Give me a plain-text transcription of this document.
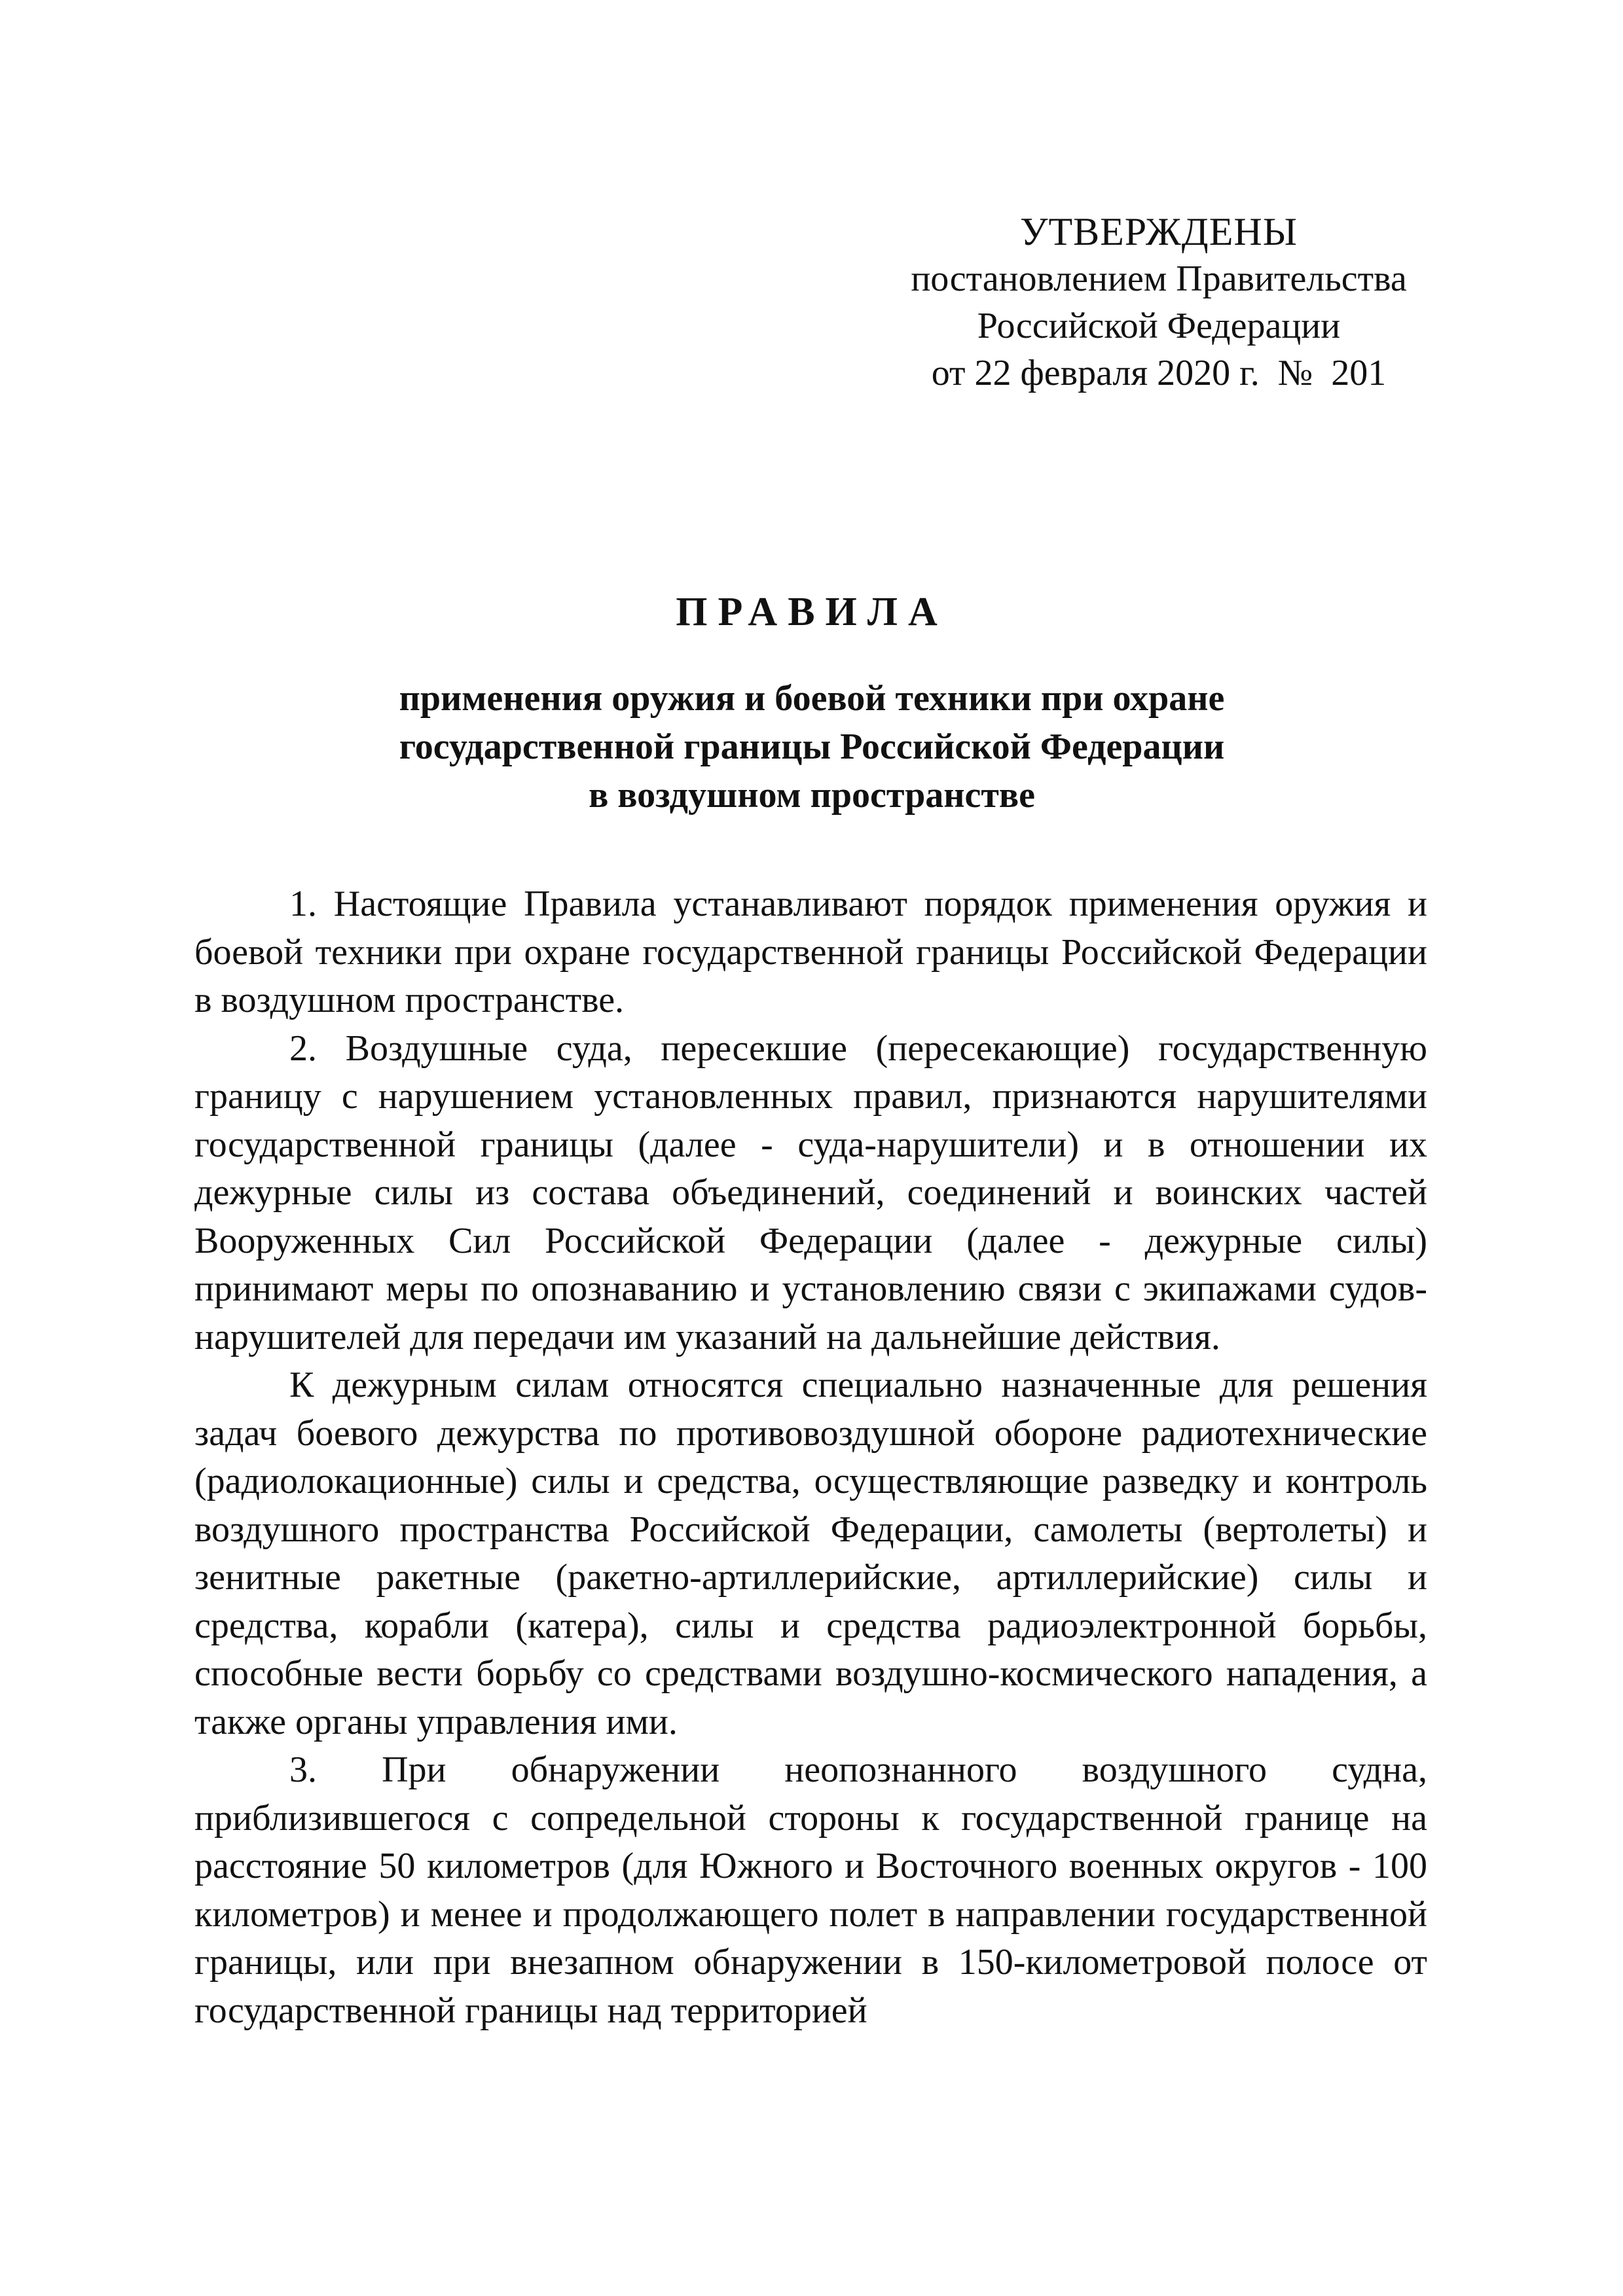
УТВЕРЖДЕНЫ
постановлением Правительства
Российской Федерации
от 22 февраля 2020 г.  №  201
ПРАВИЛА
применения оружия и боевой техники при охране
государственной границы Российской Федерации
в воздушном пространстве

1. Настоящие Правила устанавливают порядок применения оружия и боевой техники при охране государственной границы Российской Федерации в воздушном пространстве.

2. Воздушные суда, пересекшие (пересекающие) государственную границу с нарушением установленных правил, признаются нарушителями государственной границы (далее - суда-нарушители) и в отношении их дежурные силы из состава объединений, соединений и воинских частей Вооруженных Сил Российской Федерации (далее - дежурные силы) принимают меры по опознаванию и установлению связи с экипажами судов-нарушителей для передачи им указаний на дальнейшие действия.

К дежурным силам относятся специально назначенные для решения задач боевого дежурства по противовоздушной обороне радиотехнические (радиолокационные) силы и средства, осуществляющие разведку и контроль воздушного пространства Российской Федерации, самолеты (вертолеты) и зенитные ракетные (ракетно-артиллерийские, артиллерийские) силы и средства, корабли (катера), силы и средства радиоэлектронной борьбы, способные вести борьбу со средствами воздушно-космического нападения, а также органы управления ими.

3. При обнаружении неопознанного воздушного судна, приблизившегося с сопредельной стороны к государственной границе на расстояние 50 километров (для Южного и Восточного военных округов - 100 километров) и менее и продолжающего полет в направлении государственной границы, или при внезапном обнаружении в 150-километровой полосе от государственной границы над территорией
